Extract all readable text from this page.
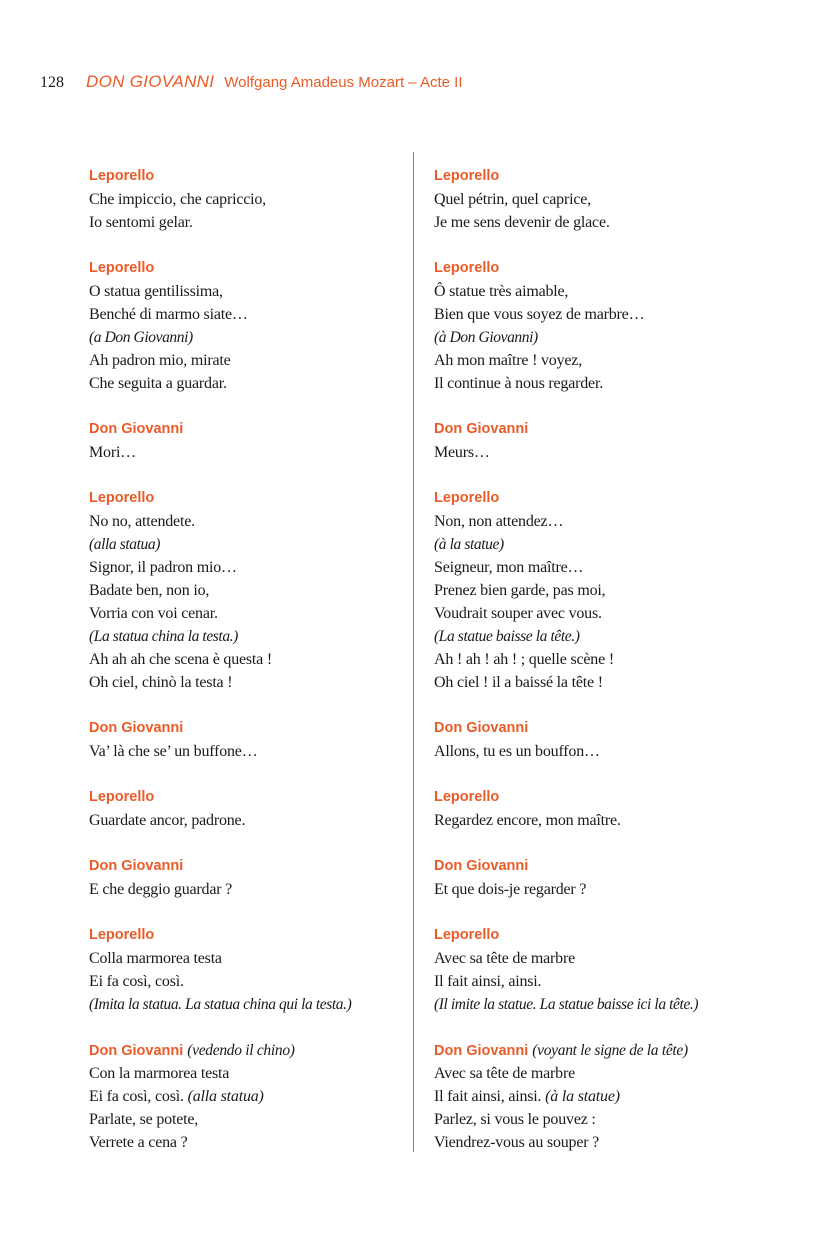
128 DON GIOVANNI Wolfgang Amadeus Mozart – Acte II
Leporello
Che impiccio, che capriccio,
Io sentomi gelar.
Leporello
O statua gentilissima,
Benché di marmo siate…
(a Don Giovanni)
Ah padron mio, mirate
Che seguita a guardar.
Don Giovanni
Mori…
Leporello
No no, attendete.
(alla statua)
Signor, il padron mio…
Badate ben, non io,
Vorria con voi cenar.
(La statua china la testa.)
Ah ah ah che scena è questa !
Oh ciel, chinò la testa !
Don Giovanni
Va’ là che se’ un buffone…
Leporello
Guardate ancor, padrone.
Don Giovanni
E che deggio guardar ?
Leporello
Colla marmorea testa
Ei fa così, così.
(Imita la statua. La statua china qui la testa.)
Don Giovanni (vedendo il chino)
Con la marmorea testa
Ei fa così, così. (alla statua)
Parlate, se potete,
Verrete a cena ?
Leporello
Quel pétrin, quel caprice,
Je me sens devenir de glace.
Leporello
Ô statue très aimable,
Bien que vous soyez de marbre…
(à Don Giovanni)
Ah mon maître ! voyez,
Il continue à nous regarder.
Don Giovanni
Meurs…
Leporello
Non, non attendez…
(à la statue)
Seigneur, mon maître…
Prenez bien garde, pas moi,
Voudrait souper avec vous.
(La statue baisse la tête.)
Ah ! ah ! ah ! ; quelle scène !
Oh ciel ! il a baissé la tête !
Don Giovanni
Allons, tu es un bouffon…
Leporello
Regardez encore, mon maître.
Don Giovanni
Et que dois-je regarder ?
Leporello
Avec sa tête de marbre
Il fait ainsi, ainsi.
(Il imite la statue. La statue baisse ici la tête.)
Don Giovanni (voyant le signe de la tête)
Avec sa tête de marbre
Il fait ainsi, ainsi. (à la statue)
Parlez, si vous le pouvez :
Viendrez-vous au souper ?
